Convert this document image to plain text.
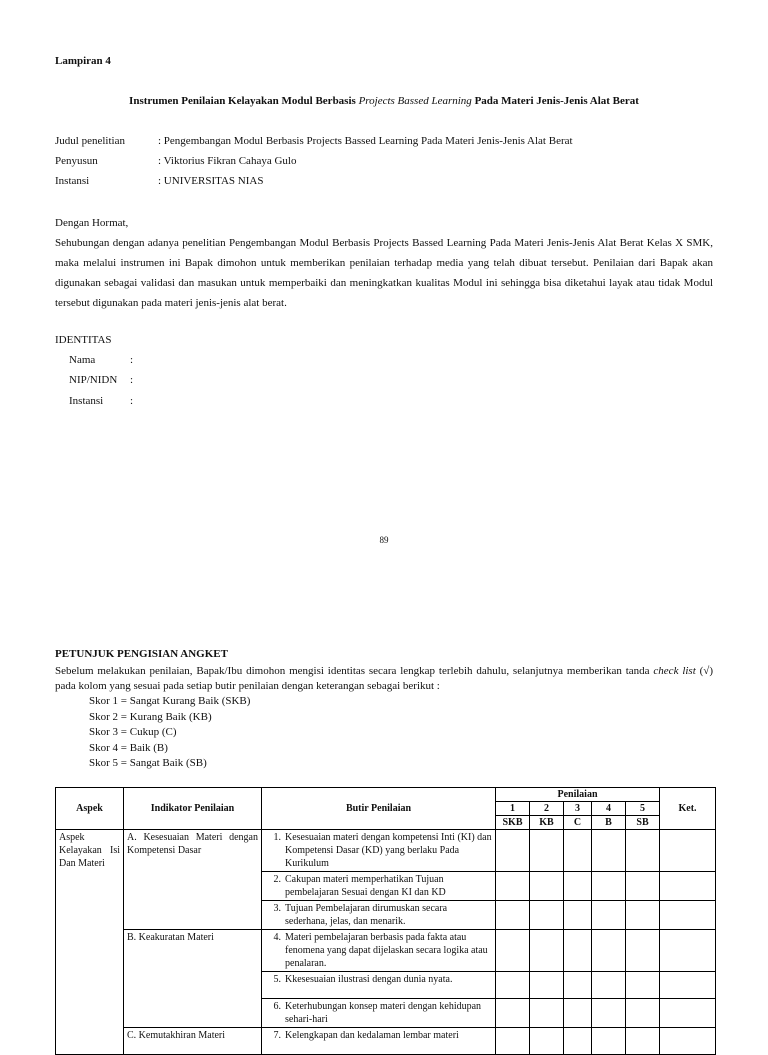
Lampiran 4
Instrumen Penilaian Kelayakan Modul Berbasis Projects Bassed Learning Pada Materi Jenis-Jenis Alat Berat
Judul penelitian	: Pengembangan Modul Berbasis Projects Bassed Learning Pada Materi Jenis-Jenis Alat Berat
Penyusun	: Viktorius Fikran Cahaya Gulo
Instansi	: UNIVERSITAS NIAS
Dengan Hormat,
Sehubungan dengan adanya penelitian Pengembangan Modul Berbasis Projects Bassed Learning Pada Materi Jenis-Jenis Alat Berat Kelas X SMK, maka melalui instrumen ini Bapak dimohon untuk memberikan penilaian terhadap media yang telah dibuat tersebut. Penilaian dari Bapak akan digunakan sebagai validasi dan masukan untuk memperbaiki dan meningkatkan kualitas Modul ini sehingga bisa diketahui layak atau tidak Modul tersebut digunakan pada materi jenis-jenis alat berat.
IDENTITAS
Nama	:
NIP/NIDN :
Instansi :
89
PETUNJUK PENGISIAN ANGKET
Sebelum melakukan penilaian, Bapak/Ibu dimohon mengisi identitas secara lengkap terlebih dahulu, selanjutnya memberikan tanda check list (√) pada kolom yang sesuai pada setiap butir penilaian dengan keterangan sebagai berikut :
Skor 1 = Sangat Kurang Baik (SKB)
Skor 2 = Kurang Baik (KB)
Skor 3 = Cukup (C)
Skor 4 = Baik (B)
Skor 5 = Sangat Baik (SB)
Aspek	Indikator Penilaian	Butir Penilaian	Penilaian					Ket.
			1	2	3	4	5	
			SKB	KB	C	B	SB	
Aspek Kelayakan Isi Dan Materi	A. Kesesuaian Materi dengan Kompetensi Dasar	1. Kesesuaian materi dengan kompetensi Inti (KI) dan Kompetensi Dasar (KD) yang berlaku Pada Kurikulum						

		2. Cakupan materi memperhatikan Tujuan pembelajaran Sesuai dengan KI dan KD						

		3. Tujuan Pembelajaran dirumuskan secara sederhana, jelas, dan menarik.						

	B. Keakuratan Materi	4. Materi pembelajaran berbasis pada fakta atau fenomena yang dapat dijelaskan secara logika atau penalaran.						

		5. Kkesesuaian ilustrasi dengan dunia nyata.						

		6. Keterhubungan konsep materi dengan kehidupan sehari-hari						

	C. Kemutakhiran Materi	7. Kelengkapan dan kedalaman lembar materi						
